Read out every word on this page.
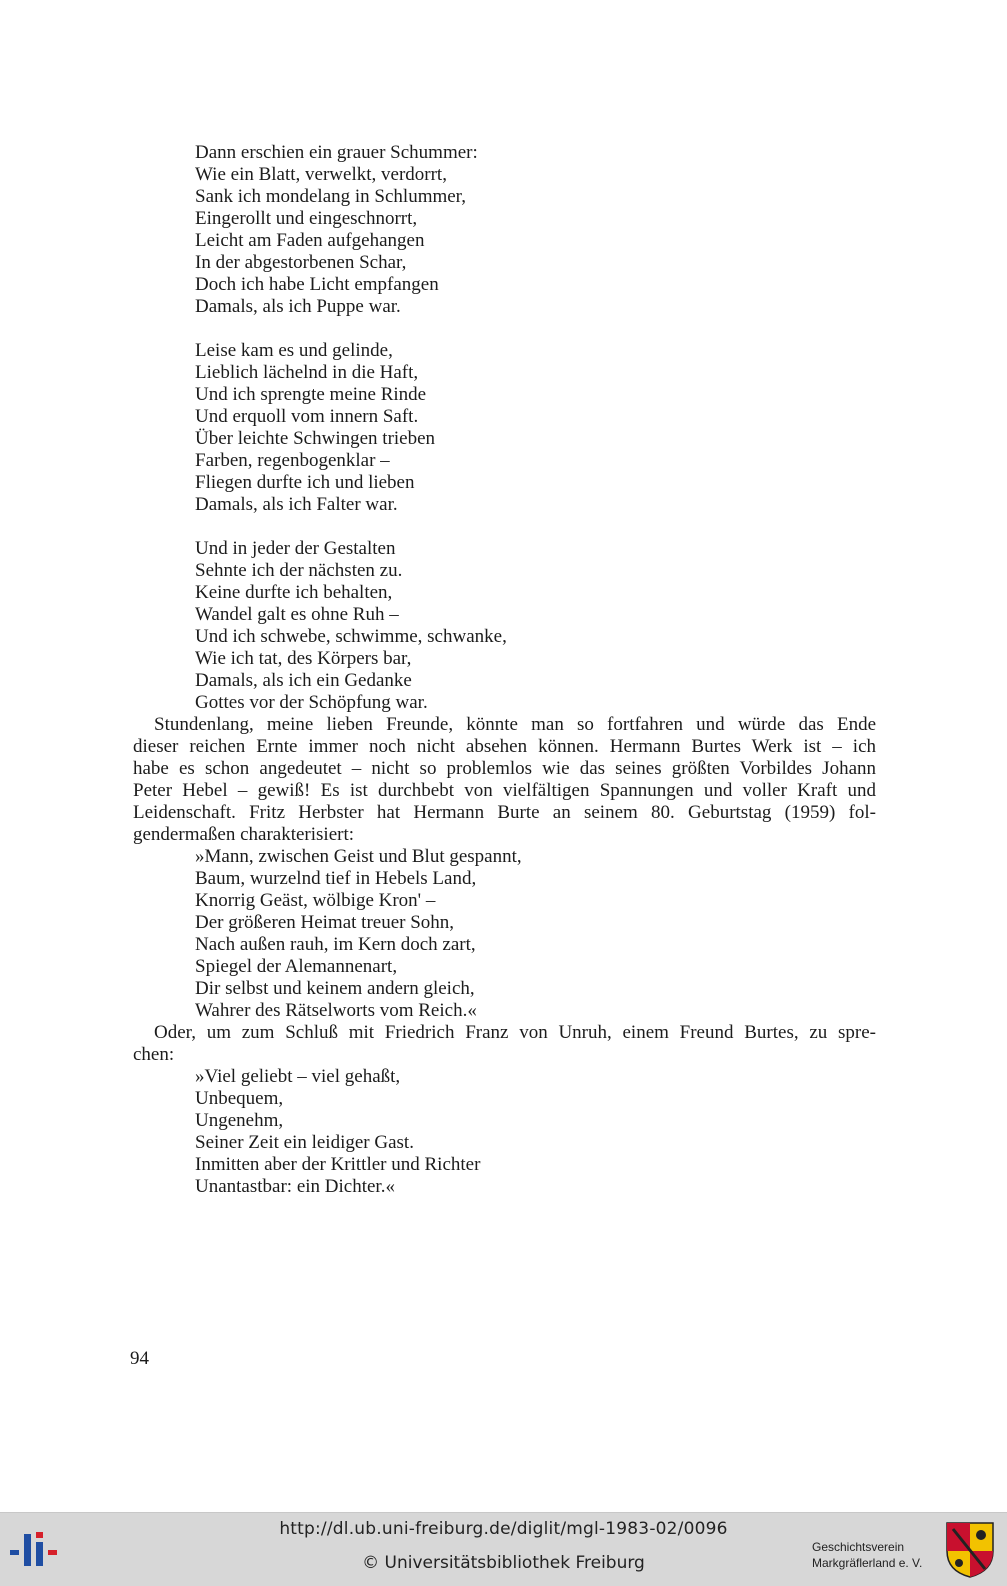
Dann erschien ein grauer Schummer:
Wie ein Blatt, verwelkt, verdorrt,
Sank ich mondelang in Schlummer,
Eingerollt und eingeschnorrt,
Leicht am Faden aufgehangen
In der abgestorbenen Schar,
Doch ich habe Licht empfangen
Damals, als ich Puppe war.
Leise kam es und gelinde,
Lieblich lächelnd in die Haft,
Und ich sprengte meine Rinde
Und erquoll vom innern Saft.
Über leichte Schwingen trieben
Farben, regenbogenklar –
Fliegen durfte ich und lieben
Damals, als ich Falter war.
Und in jeder der Gestalten
Sehnte ich der nächsten zu.
Keine durfte ich behalten,
Wandel galt es ohne Ruh –
Und ich schwebe, schwimme, schwanke,
Wie ich tat, des Körpers bar,
Damals, als ich ein Gedanke
Gottes vor der Schöpfung war.
Stundenlang, meine lieben Freunde, könnte man so fortfahren und würde das Ende
dieser reichen Ernte immer noch nicht absehen können. Hermann Burtes Werk ist – ich
habe es schon angedeutet – nicht so problemlos wie das seines größten Vorbildes Johann
Peter Hebel – gewiß! Es ist durchbebt von vielfältigen Spannungen und voller Kraft und
Leidenschaft. Fritz Herbster hat Hermann Burte an seinem 80. Geburtstag (1959) fol-
gendermaßen charakterisiert:
»Mann, zwischen Geist und Blut gespannt,
Baum, wurzelnd tief in Hebels Land,
Knorrig Geäst, wölbige Kron' –
Der größeren Heimat treuer Sohn,
Nach außen rauh, im Kern doch zart,
Spiegel der Alemannenart,
Dir selbst und keinem andern gleich,
Wahrer des Rätselworts vom Reich.«
Oder, um zum Schluß mit Friedrich Franz von Unruh, einem Freund Burtes, zu spre-
chen:
»Viel geliebt – viel gehaßt,
Unbequem,
Ungenehm,
Seiner Zeit ein leidiger Gast.
Inmitten aber der Krittler und Richter
Unantastbar: ein Dichter.«
94
http://dl.ub.uni-freiburg.de/diglit/mgl-1983-02/0096
© Universitätsbibliothek Freiburg
Geschichtsverein
Markgräflerland e. V.
